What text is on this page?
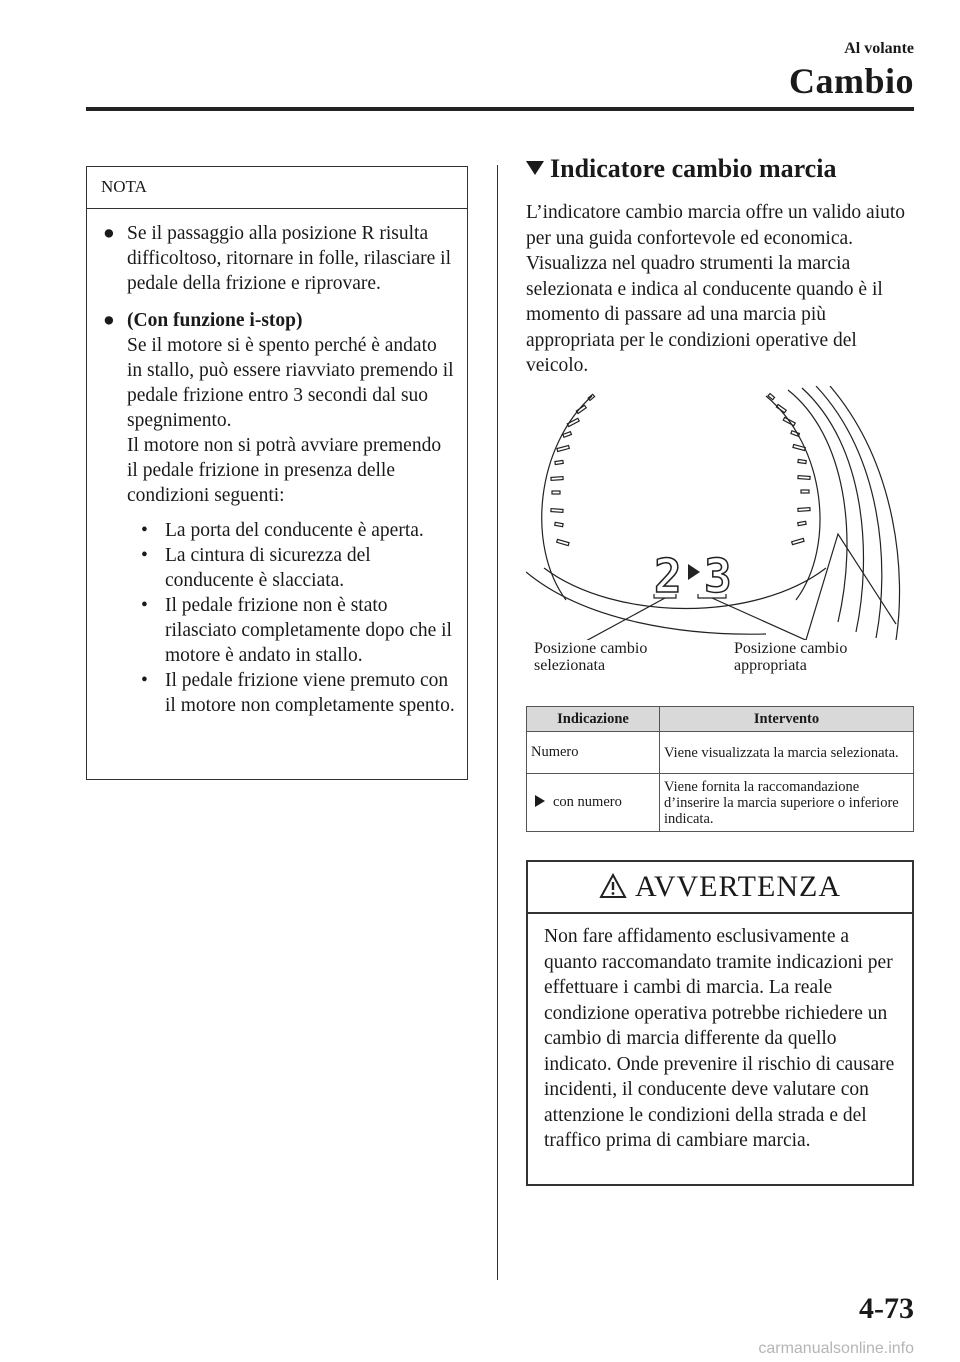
Al volante
Cambio
NOTA
● Se il passaggio alla posizione R risulta difficoltoso, ritornare in folle, rilasciare il pedale della frizione e riprovare.
● (Con funzione i-stop)
Se il motore si è spento perché è andato in stallo, può essere riavviato premendo il pedale frizione entro 3 secondi dal suo spegnimento.
Il motore non si potrà avviare premendo il pedale frizione in presenza delle condizioni seguenti:
• La porta del conducente è aperta.
• La cintura di sicurezza del conducente è slacciata.
• Il pedale frizione non è stato rilasciato completamente dopo che il motore è andato in stallo.
• Il pedale frizione viene premuto con il motore non completamente spento.
Indicatore cambio marcia
L’indicatore cambio marcia offre un valido aiuto per una guida confortevole ed economica. Visualizza nel quadro strumenti la marcia selezionata e indica al conducente quando è il momento di passare ad una marcia più appropriata per le condizioni operative del veicolo.
2 3
Posizione cambio
selezionata
Posizione cambio
appropriata
Indicazione	Intervento
Numero	Viene visualizzata la marcia selezionata.
con numero	Viene fornita la raccomandazione d’inserire la marcia superiore o inferiore indicata.
AVVERTENZA
Non fare affidamento esclusivamente a quanto raccomandato tramite indicazioni per effettuare i cambi di marcia. La reale condizione operativa potrebbe richiedere un cambio di marcia differente da quello indicato. Onde prevenire il rischio di causare incidenti, il conducente deve valutare con attenzione le condizioni della strada e del traffico prima di cambiare marcia.
4-73
carmanualsonline.info
